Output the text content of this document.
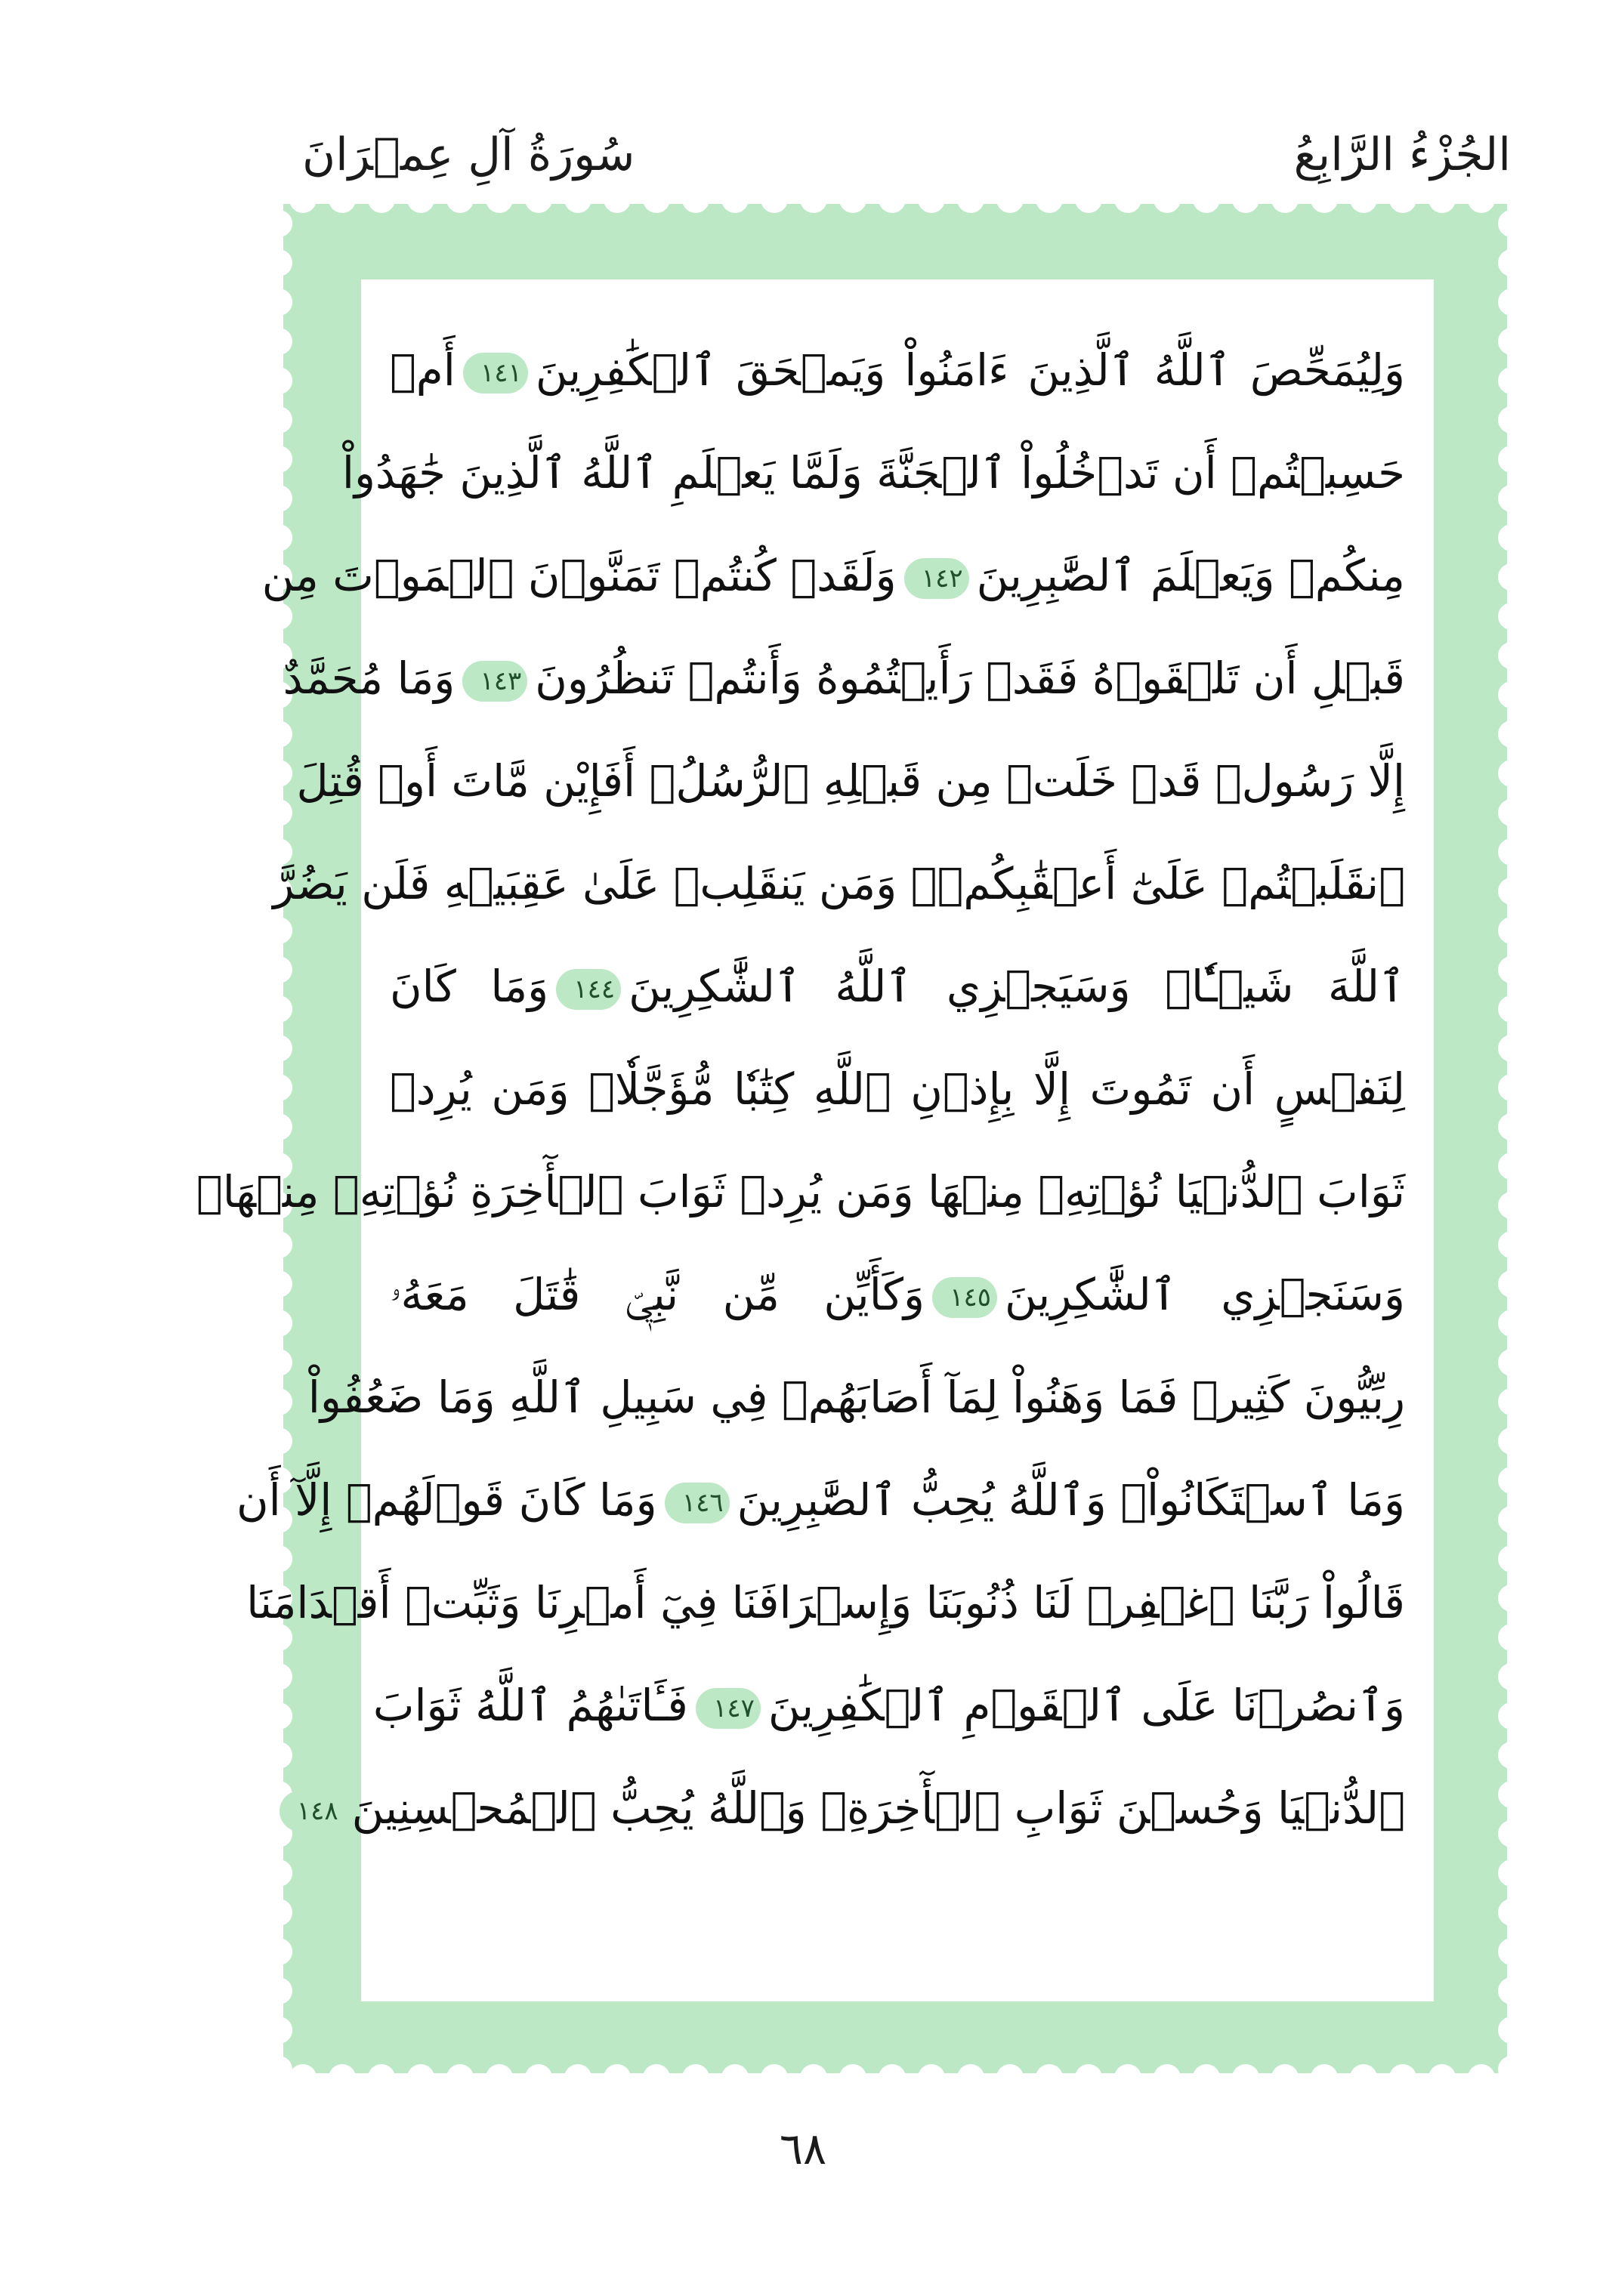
الجُزْءُ الرَّابِعُ
سُورَةُ آلِ عِمۡرَانَ
وَلِيُمَحِّصَ ٱللَّهُ ٱلَّذِينَ ءَامَنُواْ وَيَمۡحَقَ ٱلۡكَٰفِرِينَ١٤١أَمۡ
حَسِبۡتُمۡ أَن تَدۡخُلُواْ ٱلۡجَنَّةَ وَلَمَّا يَعۡلَمِ ٱللَّهُ ٱلَّذِينَ جَٰهَدُواْ
مِنكُمۡ وَيَعۡلَمَ ٱلصَّٰبِرِينَ١٤٢وَلَقَدۡ كُنتُمۡ تَمَنَّوۡنَ ٱلۡمَوۡتَ مِن
قَبۡلِ أَن تَلۡقَوۡهُ فَقَدۡ رَأَيۡتُمُوهُ وَأَنتُمۡ تَنظُرُونَ١٤٣وَمَا مُحَمَّدٌ
إِلَّا رَسُولٞ قَدۡ خَلَتۡ مِن قَبۡلِهِ ٱلرُّسُلُۚ أَفَإِيْن مَّاتَ أَوۡ قُتِلَ
ٱنقَلَبۡتُمۡ عَلَىٰٓ أَعۡقَٰبِكُمۡۚ وَمَن يَنقَلِبۡ عَلَىٰ عَقِبَيۡهِ فَلَن يَضُرَّ
ٱللَّهَ شَيۡـٔٗاۗ وَسَيَجۡزِي ٱللَّهُ ٱلشَّٰكِرِينَ١٤٤وَمَا كَانَ
لِنَفۡسٍ أَن تَمُوتَ إِلَّا بِإِذۡنِ ٱللَّهِ كِتَٰبٗا مُّؤَجَّلٗاۗ وَمَن يُرِدۡ
ثَوَابَ ٱلدُّنۡيَا نُؤۡتِهِۦ مِنۡهَا وَمَن يُرِدۡ ثَوَابَ ٱلۡأٓخِرَةِ نُؤۡتِهِۦ مِنۡهَاۚ
وَسَنَجۡزِي ٱلشَّٰكِرِينَ١٤٥وَكَأَيِّن مِّن نَّبِيّٖ قَٰتَلَ مَعَهُۥ
رِبِّيُّونَ كَثِيرٞ فَمَا وَهَنُواْ لِمَآ أَصَابَهُمۡ فِي سَبِيلِ ٱللَّهِ وَمَا ضَعُفُواْ
وَمَا ٱسۡتَكَانُواْۗ وَٱللَّهُ يُحِبُّ ٱلصَّٰبِرِينَ١٤٦وَمَا كَانَ قَوۡلَهُمۡ إِلَّآ أَن
قَالُواْ رَبَّنَا ٱغۡفِرۡ لَنَا ذُنُوبَنَا وَإِسۡرَافَنَا فِيٓ أَمۡرِنَا وَثَبِّتۡ أَقۡدَامَنَا
وَٱنصُرۡنَا عَلَى ٱلۡقَوۡمِ ٱلۡكَٰفِرِينَ١٤٧فَـَٔاتَىٰهُمُ ٱللَّهُ ثَوَابَ
ٱلدُّنۡيَا وَحُسۡنَ ثَوَابِ ٱلۡأٓخِرَةِۗ وَٱللَّهُ يُحِبُّ ٱلۡمُحۡسِنِينَ١٤٨
٦٨
